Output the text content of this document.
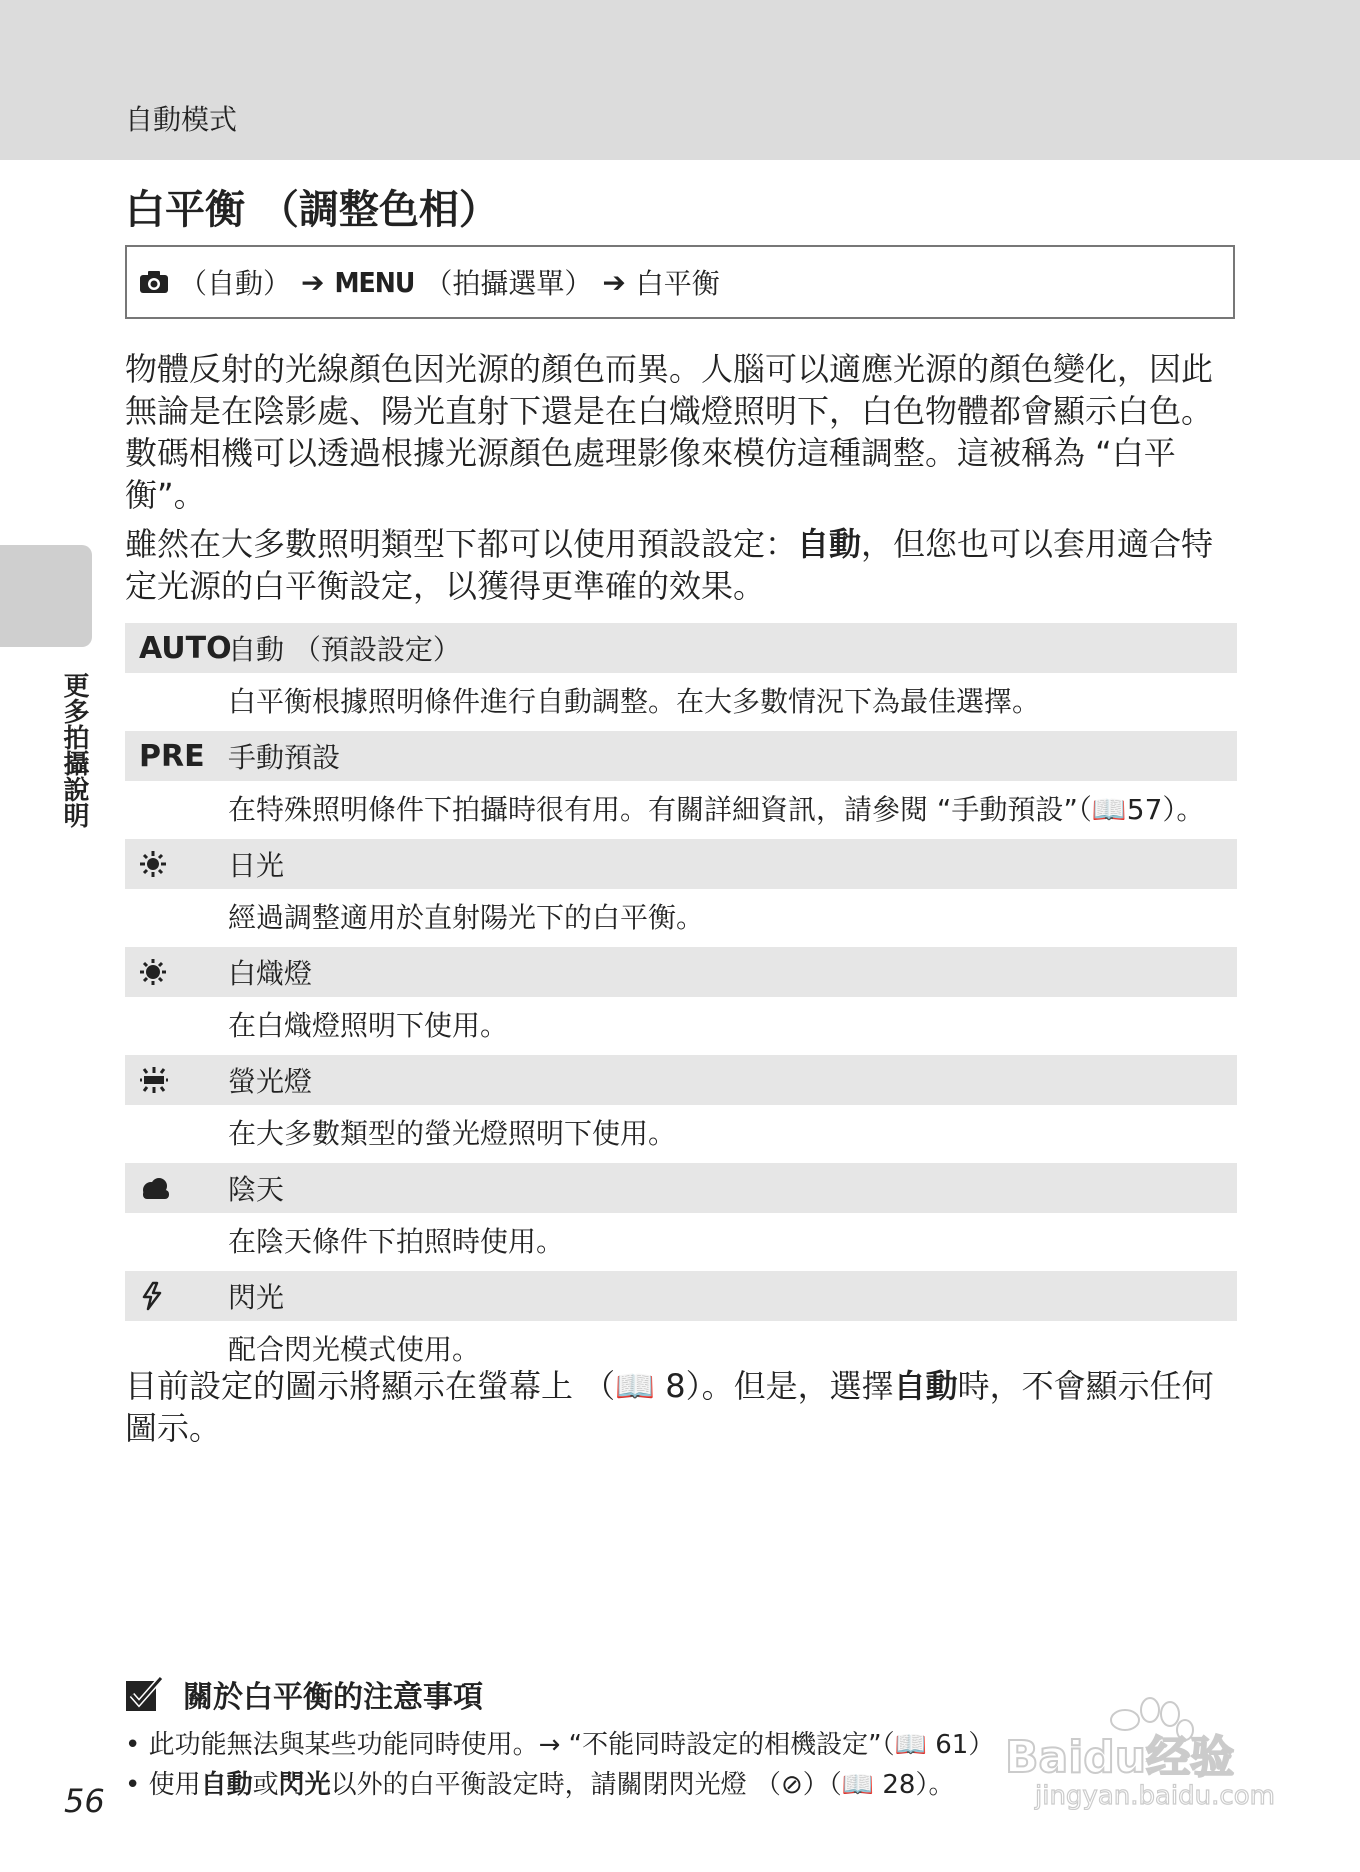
自動模式
白平衡 （調整色相）
（自動） ➔ MENU （拍攝選單） ➔ 白平衡

物體反射的光線顏色因光源的顏色而異。人腦可以適應光源的顏色變化，因此無論是在陰影處、陽光直射下還是在白熾燈照明下，白色物體都會顯示白色。數碼相機可以透過根據光源顏色處理影像來模仿這種調整。這被稱為 “白平衡”。

雖然在大多數照明類型下都可以使用預設設定：自動，但您也可以套用適合特定光源的白平衡設定，以獲得更準確的效果。

更多拍攝說明
AUTO
自動 （預設設定）
白平衡根據照明條件進行自動調整。在大多數情況下為最佳選擇。
PRE 手動預設
在特殊照明條件下拍攝時很有用。有關詳細資訊，請參閱 “手動預設”（📖57）。
日光
經過調整適用於直射陽光下的白平衡。
白熾燈
在白熾燈照明下使用。
螢光燈
在大多數類型的螢光燈照明下使用。
陰天
在陰天條件下拍照時使用。
閃光
配合閃光模式使用。

目前設定的圖示將顯示在螢幕上 （📖 8）。但是，選擇自動時，不會顯示任何圖示。

關於白平衡的注意事項
• 此功能無法與某些功能同時使用。→ “不能同時設定的相機設定”（📖 61）
• 使用自動或閃光以外的白平衡設定時，請關閉閃光燈 （⊘）（📖 28）。
56
Baidu经验
jingyan.baidu.com
